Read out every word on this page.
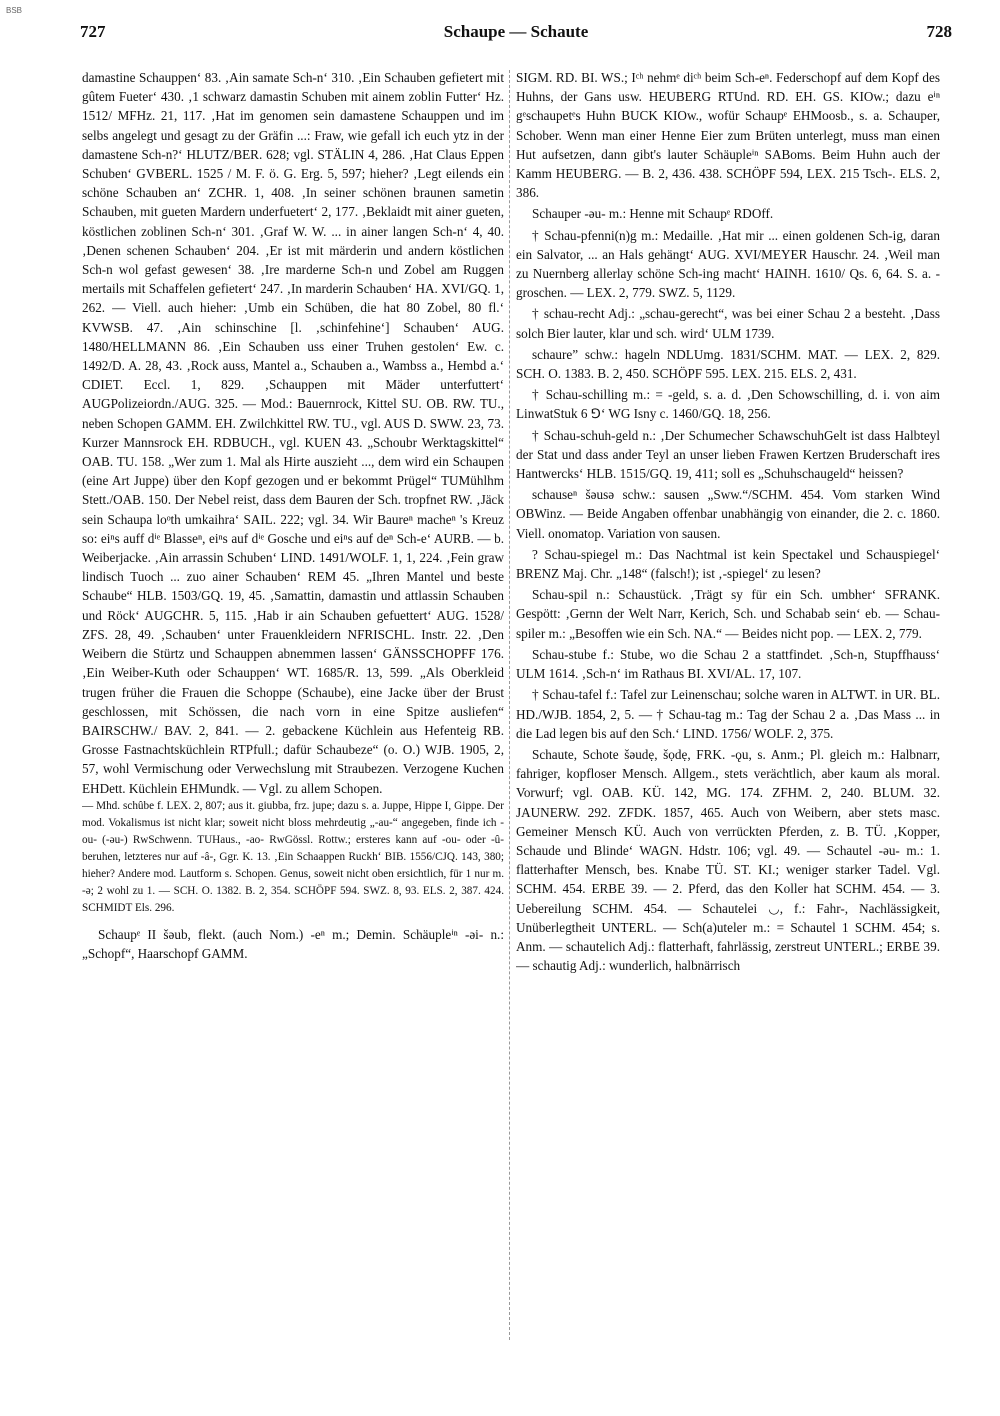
BSB
727	Schaupe — Schaute	728

damastine Schauppen‘ 83. ‚Ain samate Sch-n‘ 310. ‚Ein Schauben gefietert mit gûtem Fueter‘ 430. ‚1 schwarz damastin Schuben mit ainem zoblin Futter‘ Hz. 1512/ MFHz. 21, 117. ‚Hat im genomen sein damastene Schauppen und im selbs angelegt und gesagt zu der Gräfin ...: Fraw, wie gefall ich euch ytz in der damastene Sch-n?‘ HLUTZ/BER. 628; vgl. STÄLIN 4, 286. ‚Hat Claus Eppen Schuben‘ GVBERL. 1525 / M. F. ö. G. Erg. 5, 597; hieher? ‚Legt eilends ein schöne Schauben an‘ ZCHR. 1, 408. ‚In seiner schönen braunen sametin Schauben, mit gueten Mardern underfuetert‘ 2, 177. ‚Beklaidt mit ainer gueten, köstlichen zoblinen Sch-n‘ 301. ‚Graf W. W. ... in ainer langen Sch-n‘ 4, 40. ‚Denen schenen Schauben‘ 204. ‚Er ist mit märderin und andern köstlichen Sch-n wol gefast gewesen‘ 38. ‚Ire marderne Sch-n und Zobel am Ruggen mertails mit Schaffelen gefietert‘ 247. ‚In marderin Schauben‘ HA. XVI/GQ. 1, 262. — Viell. auch hieher: ‚Umb ein Schüben, die hat 80 Zobel, 80 fl.‘ KVWSB. 47. ‚Ain schinschine [l. ‚schinfehine‘] Schauben‘ AUG. 1480/HELLMANN 86. ‚Ein Schauben uss einer Truhen gestolen‘ Ew. c. 1492/D. A. 28, 43. ‚Rock auss, Mantel a., Schauben a., Wambss a., Hembd a.‘ CDIET. Eccl. 1, 829. ‚Schauppen mit Mäder unterfuttert‘ AUGPolizeiordn./AUG. 325. — Mod.: Bauernrock, Kittel SU. OB. RW. TU., neben Schopen GAMM. EH. Zwilchkittel RW. TU., vgl. AUS D. SWW. 23, 73. Kurzer Mannsrock EH. RDBUCH., vgl. KUEN 43. „Schoubr Werktagskittel“ OAB. TU. 158. „Wer zum 1. Mal als Hirte auszieht ..., dem wird ein Schaupen (eine Art Juppe) über den Kopf gezogen und er bekommt Prügel“ TUMühlhm Stett./OAB. 150. Der Nebel reist, dass dem Bauren der Sch. tropfnet RW. ‚Jäck sein Schaupa loᵒth umkaihra‘ SAIL. 222; vgl. 34. Wir Baureⁿ macheⁿ 's Kreuz so: eiⁿs auff dⁱᵉ Blasseⁿ, eiⁿs auf dⁱᵉ Gosche und eiⁿs auf deⁿ Sch-e‘ AURB. — b. Weiberjacke. ‚Ain arrassin Schuben‘ LIND. 1491/WOLF. 1, 1, 224. ‚Fein graw lindisch Tuoch ... zuo ainer Schauben‘ REM 45. „Ihren Mantel und beste Schaube“ HLB. 1503/GQ. 19, 45. ‚Samattin, damastin und attlassin Schauben und Röck‘ AUGCHR. 5, 115. ‚Hab ir ain Schauben gefuettert‘ AUG. 1528/ ZFS. 28, 49. ‚Schauben‘ unter Frauenkleidern NFRISCHL. Instr. 22. ‚Den Weibern die Stürtz und Schauppen abnemmen lassen‘ GÄNSSCHOPFF 176. ‚Ein Weiber-Kuth oder Schauppen‘ WT. 1685/R. 13, 599. „Als Oberkleid trugen früher die Frauen die Schoppe (Schaube), eine Jacke über der Brust geschlossen, mit Schössen, die nach vorn in eine Spitze ausliefen“ BAIRSCHW./ BAV. 2, 841. — 2. gebackene Küchlein aus Hefenteig RB. Grosse Fastnachtsküchlein RTPfull.; dafür Schaubeze“ (o. O.) WJB. 1905, 2, 57, wohl Vermischung oder Verwechslung mit Straubezen. Verzogene Kuchen EHDett. Küchlein EHMundk. — Vgl. zu allem Schopen.

— Mhd. schûbe f. LEX. 2, 807; aus it. giubba, frz. jupe; dazu s. a. Juppe, Hippe I, Gippe. Der mod. Vokalismus ist nicht klar; soweit nicht bloss mehrdeutig „-au-“ angegeben, finde ich -ou- (-əu-) RwSchwenn. TUHaus., -ao- RwGössl. Rottw.; ersteres kann auf -ou- oder -û- beruhen, letzteres nur auf -â-, Ggr. K. 13. ‚Ein Schaappen Ruckh‘ BIB. 1556/CJQ. 143, 380; hieher? Andere mod. Lautform s. Schopen. Genus, soweit nicht oben ersichtlich, für 1 nur m. -ə; 2 wohl zu 1. — SCH. O. 1382. B. 2, 354. SCHÖPF 594. SWZ. 8, 93. ELS. 2, 387. 424. SCHMIDT Els. 296.

Schaupᵉ II šəub, flekt. (auch Nom.) -eⁿ m.; Demin. Schäupleⁱⁿ -əi- n.: „Schopf“, Haarschopf GAMM.

SIGM. RD. BI. WS.; Iᶜʰ nehmᵉ diᶜʰ beim Sch-eⁿ. Federschopf auf dem Kopf des Huhns, der Gans usw. HEUBERG RTUnd. RD. EH. GS. KIOw.; dazu eⁱⁿ gᵉschaupetᵉs Huhn BUCK KIOw., wofür Schaupᵉ EHMoosb., s. a. Schauper, Schober. Wenn man einer Henne Eier zum Brüten unterlegt, muss man einen Hut aufsetzen, dann gibt's lauter Schäupleⁱⁿ SABoms. Beim Huhn auch der Kamm HEUBERG. — B. 2, 436. 438. SCHÖPF 594, LEX. 215 Tsch-. ELS. 2, 386.

Schauper -əu- m.: Henne mit Schaupᵉ RDOff.

† Schau-pfenni(n)g m.: Medaille. ‚Hat mir ... einen goldenen Sch-ig, daran ein Salvator, ... an Hals gehängt‘ AUG. XVI/MEYER Hauschr. 24. ‚Weil man zu Nuernberg allerlay schöne Sch-ing macht‘ HAINH. 1610/ Qs. 6, 64. S. a. -groschen. — LEX. 2, 779. SWZ. 5, 1129.

† schau-recht Adj.: „schau-gerecht“, was bei einer Schau 2 a besteht. ‚Dass solch Bier lauter, klar und sch. wird‘ ULM 1739.

schaure” schw.: hageln NDLUmg. 1831/SCHM. MAT. — LEX. 2, 829. SCH. O. 1383. B. 2, 450. SCHÖPF 595. LEX. 215. ELS. 2, 431.

† Schau-schilling m.: = -geld, s. a. d. ‚Den Schowschilling, d. i. von aim LinwatStuk 6 ⅁‘ WG Isny c. 1460/GQ. 18, 256.

† Schau-schuh-geld n.: ‚Der Schumecher SchawschuhGelt ist dass Halbteyl der Stat und dass ander Teyl an unser lieben Frawen Kertzen Bruderschaft ires Hantwercks‘ HLB. 1515/GQ. 19, 411; soll es „Schuhschaugeld“ heissen?

schauseⁿ šəusə schw.: sausen „Sww.“/SCHM. 454. Vom starken Wind OBWinz. — Beide Angaben offenbar unabhängig von einander, die 2. c. 1860. Viell. onomatop. Variation von sausen.

? Schau-spiegel m.: Das Nachtmal ist kein Spectakel und Schauspiegel‘ BRENZ Maj. Chr. „148“ (falsch!); ist ‚-spiegel‘ zu lesen?

Schau-spil n.: Schaustück. ‚Trägt sy für ein Sch. umbher‘ SFRANK. Gespött: ‚Gernn der Welt Narr, Kerich, Sch. und Schabab sein‘ eb. — Schau-spiler m.: „Besoffen wie ein Sch. NA.“ — Beides nicht pop. — LEX. 2, 779.

Schau-stube f.: Stube, wo die Schau 2 a stattfindet. ‚Sch-n, Stupffhauss‘ ULM 1614. ‚Sch-n‘ im Rathaus BI. XVI/AL. 17, 107.

† Schau-tafel f.: Tafel zur Leinenschau; solche waren in ALTWT. in UR. BL. HD./WJB. 1854, 2, 5. — † Schau-tag m.: Tag der Schau 2 a. ‚Das Mass ... in die Lad legen bis auf den Sch.‘ LIND. 1756/ WOLF. 2, 375.

Schaute, Schote šəudẹ, šọdẹ, FRK. -ǫu, s. Anm.; Pl. gleich m.: Halbnarr, fahriger, kopfloser Mensch. Allgem., stets verächtlich, aber kaum als moral. Vorwurf; vgl. OAB. KÜ. 142, MG. 174. ZFHM. 2, 240. BLUM. 32. JAUNERW. 292. ZFDK. 1857, 465. Auch von Weibern, aber stets masc. Gemeiner Mensch KÜ. Auch von verrückten Pferden, z. B. TÜ. ‚Kopper, Schaude und Blinde‘ WAGN. Hdstr. 106; vgl. 49. — Schautel -əu- m.: 1. flatterhafter Mensch, bes. Knabe TÜ. ST. KI.; weniger starker Tadel. Vgl. SCHM. 454. ERBE 39. — 2. Pferd, das den Koller hat SCHM. 454. — 3. Uebereilung SCHM. 454. — Schautelei ◡, f.: Fahr-, Nachlässigkeit, Unüberlegtheit UNTERL. — Sch(a)uteler m.: = Schautel 1 SCHM. 454; s. Anm. — schautelich Adj.: flatterhaft, fahrlässig, zerstreut UNTERL.; ERBE 39. — schautig Adj.: wunderlich, halbnärrisch
